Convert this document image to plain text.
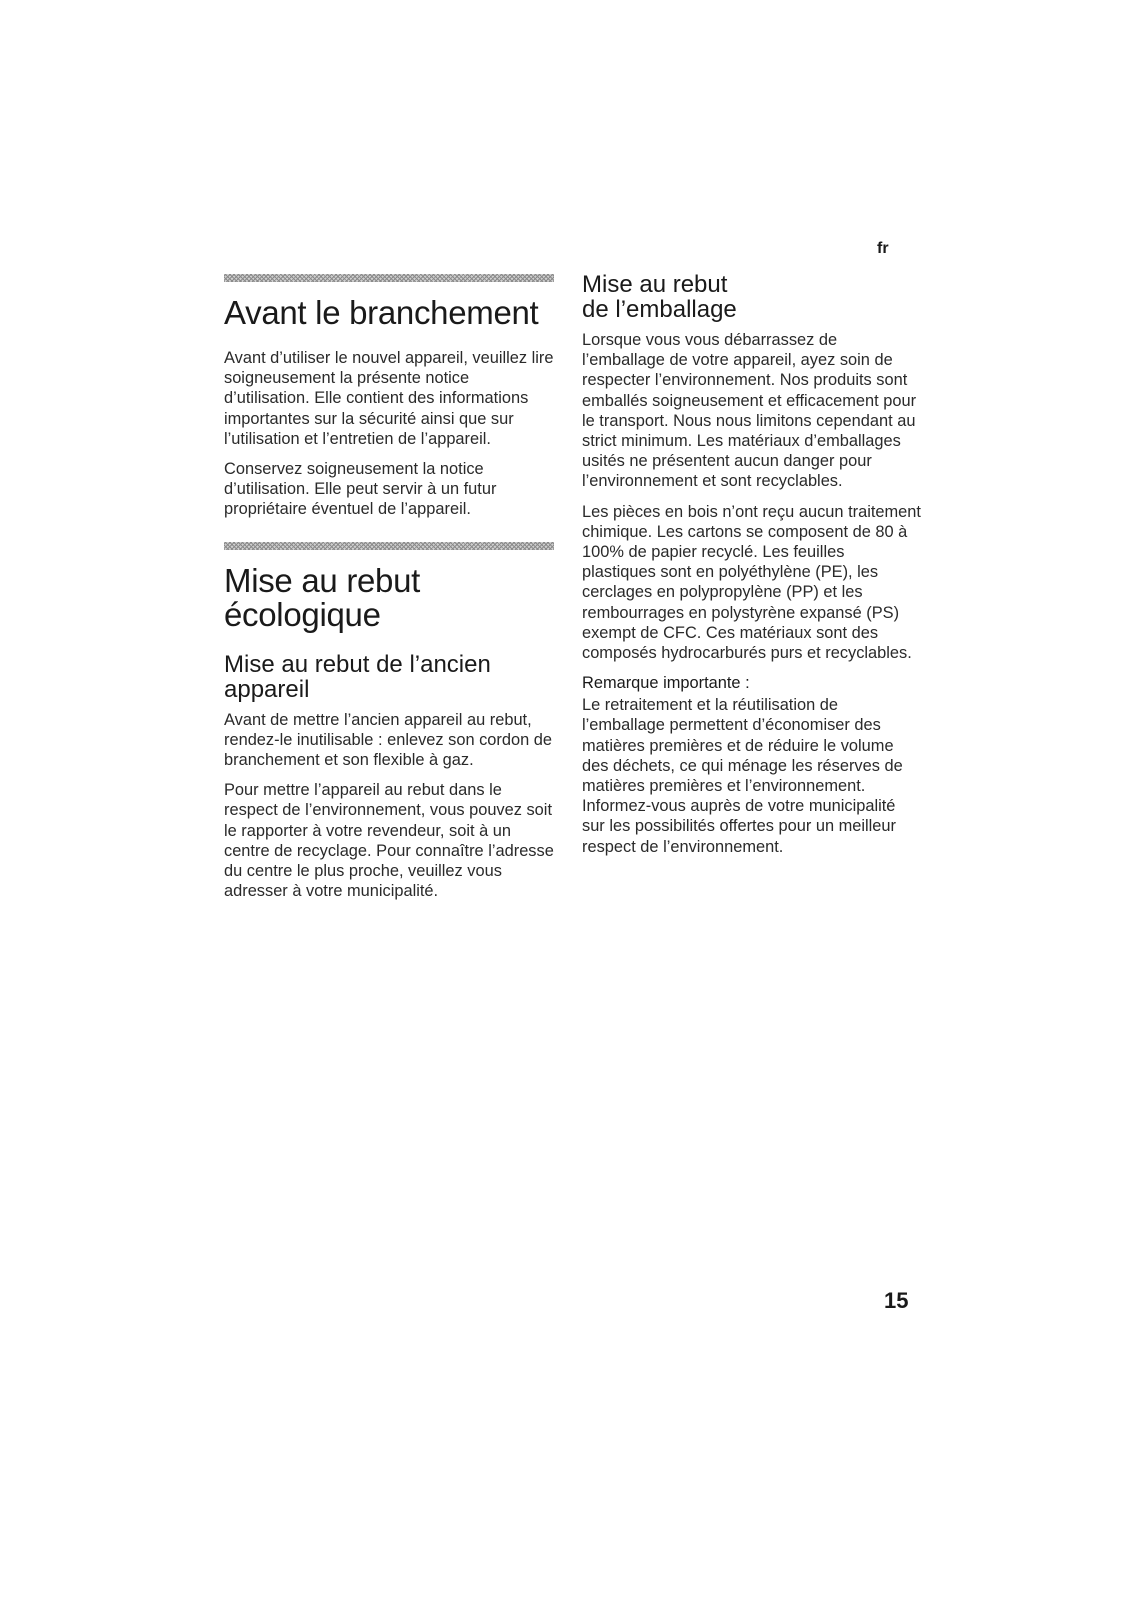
fr
Avant le branchement

Avant d’utiliser le nouvel appareil, veuillez lire soigneusement la présente notice d’utilisation. Elle contient des informations importantes sur la sécurité ainsi que sur l’utilisation et l’entretien de l’appareil.

Conservez soigneusement la notice d’utilisation. Elle peut servir à un futur propriétaire éventuel de l’appareil.

Mise au rebut
écologique
Mise au rebut de l’ancien
appareil

Avant de mettre l’ancien appareil au rebut, rendez-le inutilisable : enlevez son cordon de branchement et son flexible à gaz.

Pour mettre l’appareil au rebut dans le respect de l’environnement, vous pouvez soit le rapporter à votre revendeur, soit à un centre de recyclage. Pour connaître l’adresse du centre le plus proche, veuillez vous adresser à votre municipalité.

Mise au rebut
de l’emballage

Lorsque vous vous débarrassez de l’emballage de votre appareil, ayez soin de respecter l’environnement. Nos produits sont emballés soigneusement et efficacement pour le transport. Nous nous limitons cependant au strict minimum. Les matériaux d’emballages usités ne présentent aucun danger pour l’environnement et sont recyclables.

Les pièces en bois n’ont reçu aucun traitement chimique. Les cartons se composent de 80 à 100% de papier recyclé. Les feuilles plastiques sont en polyéthylène (PE), les cerclages en polypropylène (PP) et les rembourrages en polystyrène expansé (PS) exempt de CFC. Ces matériaux sont des composés hydrocarburés purs et recyclables.

Remarque importante :

Le retraitement et la réutilisation de l’emballage permettent d’économiser des matières premières et de réduire le volume des déchets, ce qui ménage les réserves de matières premières et l’environnement. Informez-vous auprès de votre municipalité sur les possibilités offertes pour un meilleur respect de l’environnement.

15
